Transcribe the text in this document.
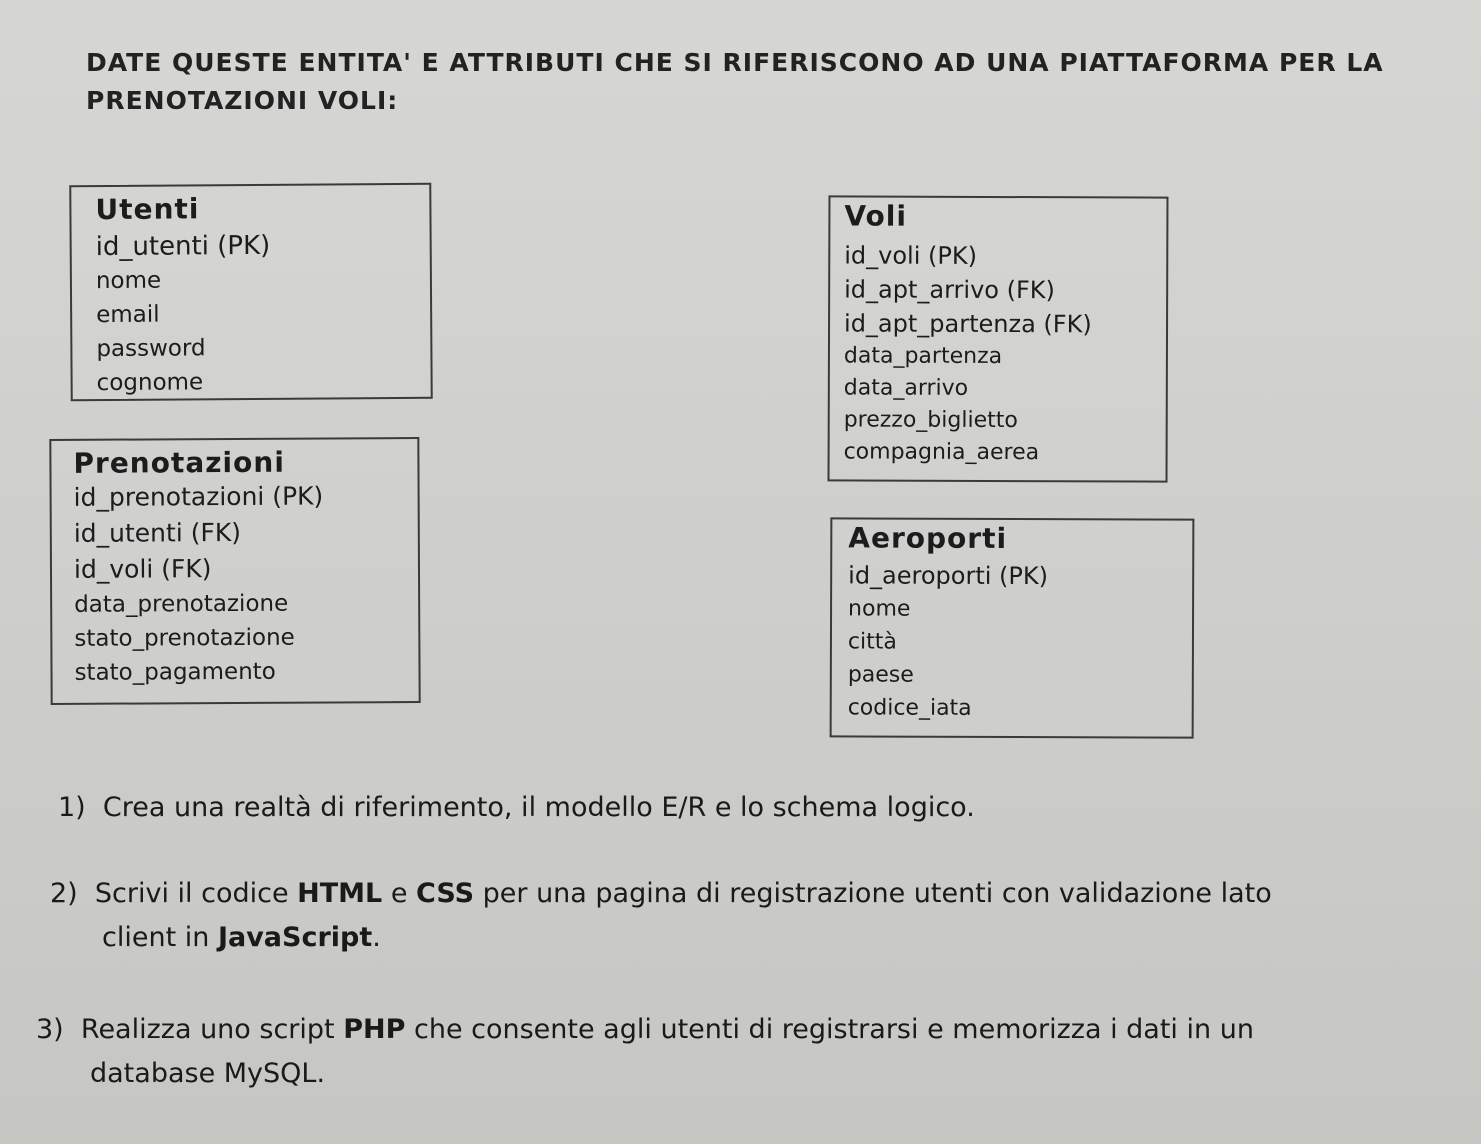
DATE QUESTE ENTITA' E ATTRIBUTI CHE SI RIFERISCONO AD UNA PIATTAFORMA PER LA PRENOTAZIONI VOLI:
Utenti
id_utenti (PK)
nome
email
password
cognome
Prenotazioni
id_prenotazioni (PK)
id_utenti (FK)
id_voli (FK)
data_prenotazione
stato_prenotazione
stato_pagamento
Voli
id_voli (PK)
id_apt_arrivo (FK)
id_apt_partenza (FK)
data_partenza
data_arrivo
prezzo_biglietto
compagnia_aerea
Aeroporti
id_aeroporti (PK)
nome
città
paese
codice_iata
1) Crea una realtà di riferimento, il modello E/R e lo schema logico.
2) Scrivi il codice HTML e CSS per una pagina di registrazione utenti con validazione lato
client in JavaScript.
3) Realizza uno script PHP che consente agli utenti di registrarsi e memorizza i dati in un
database MySQL.
